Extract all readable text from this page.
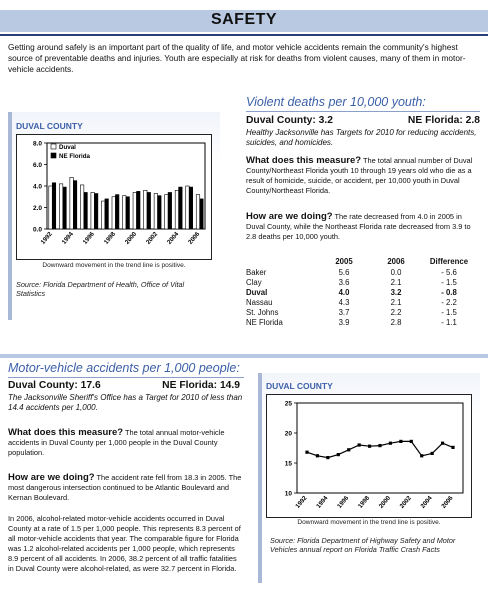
SAFETY

Getting around safely is an important part of the quality of life, and motor vehicle accidents remain the community's highest source of preventable deaths and injuries. Youth are especially at risk for deaths from violent causes, many of them in motor-vehicle accidents.

DUVAL COUNTY
0.0
2.0
4.0
6.0
8.0
1992 1994 1996 1998 2000 2002 2004 2006
Duval
NE Florida
Downward movement in the trend line is positive.
Source: Florida Department of Health, Office of Vital Statistics
Violent deaths per 10,000 youth:
Duval County: 3.2	NE Florida: 2.8
Healthy Jacksonville has Targets for 2010 for reducing accidents, suicides, and homicides.
What does this measure? The total annual number of Duval County/Northeast Florida youth 10 through 19 years old who die as a result of homicide, suicide, or accident, per 10,000 youth in Duval County/Northeast Florida.
How are we doing? The rate decreased from 4.0 in 2005 in Duval County, while the Northeast Florida rate decreased from 3.9 to 2.8 deaths per 10,000 youth.
	2005	2006	Difference
Baker	5.6	0.0	- 5.6
Clay	3.6	2.1	- 1.5
Duval	4.0	3.2	- 0.8
Nassau	4.3	2.1	- 2.2
St. Johns	3.7	2.2	- 1.5
NE Florida	3.9	2.8	- 1.1
Motor-vehicle accidents per 1,000 people:
Duval County: 17.6	NE Florida: 14.9
The Jacksonville Sheriff's Office has a Target for 2010 of less than 14.4 accidents per 1,000.
What does this measure? The total annual motor-vehicle accidents in Duval County per 1,000 people in the Duval County population.
How are we doing? The accident rate fell from 18.3 in 2005. The most dangerous intersection continued to be Atlantic Boulevard and Kernan Boulevard.

In 2006, alcohol-related motor-vehicle accidents occurred in Duval County at a rate of 1.5 per 1,000 people. This represents 8.3 percent of all motor-vehicle accidents that year. The comparable figure for Florida was 1.2 alcohol-related accidents per 1,000 people, which represents 8.9 percent of all accidents. In 2006, 38.2 percent of all traffic fatalities in Duval County were alcohol-related, as were 32.7 percent in Florida.

DUVAL COUNTY
10
15
20
25
1992 1994 1996 1998 2000 2002 2004 2006
Downward movement in the trend line is positive.
Source: Florida Department of Highway Safety and Motor Vehicles annual report on Florida Traffic Crash Facts
